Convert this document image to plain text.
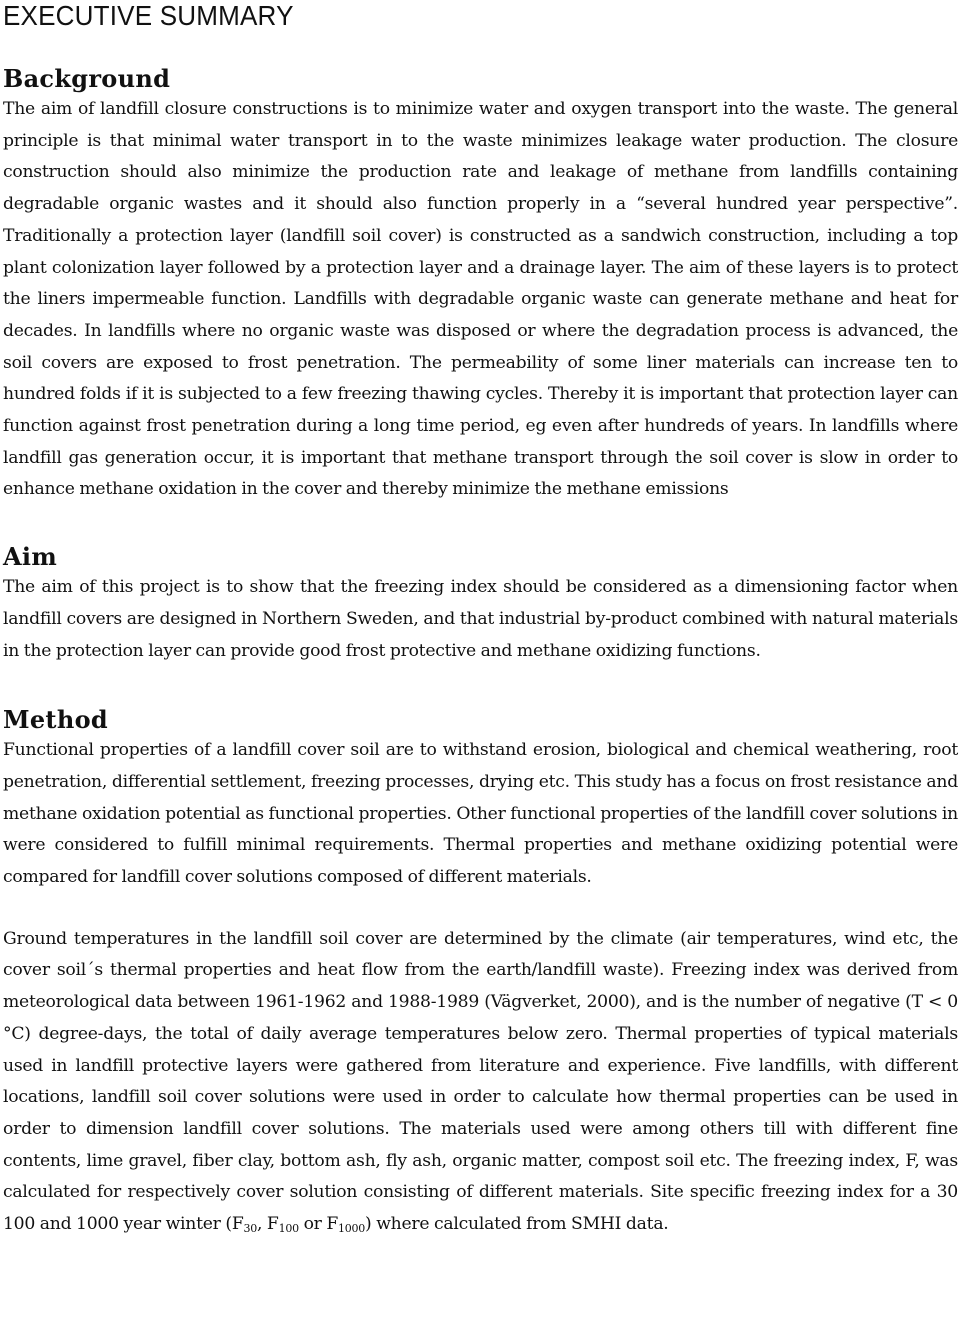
EXECUTIVE SUMMARY
Background

The aim of landfill closure constructions is to minimize water and oxygen transport into the waste. The general principle is that minimal water transport in to the waste minimizes leakage water production. The closure construction should also minimize the production rate and leakage of methane from landfills containing degradable organic wastes and it should also function properly in a “several hundred year perspective”. Traditionally a protection layer (landfill soil cover) is constructed as a sandwich construction, including a top plant colonization layer followed by a protection layer and a drainage layer. The aim of these layers is to protect the liners impermeable function. Landfills with degradable organic waste can generate methane and heat for decades. In landfills where no organic waste was disposed or where the degradation process is advanced, the soil covers are exposed to frost penetration. The permeability of some liner materials can increase ten to hundred folds if it is subjected to a few freezing thawing cycles. Thereby it is important that protection layer can function against frost penetration during a long time period, eg even after hundreds of years. In landfills where landfill gas generation occur, it is important that methane transport through the soil cover is slow in order to enhance methane oxidation in the cover and thereby minimize the methane emissions

Aim

The aim of this project is to show that the freezing index should be considered as a dimensioning factor when landfill covers are designed in Northern Sweden, and that industrial by-product combined with natural materials in the protection layer can provide good frost protective and methane oxidizing functions.

Method

Functional properties of a landfill cover soil are to withstand erosion, biological and chemical weathering, root penetration, differential settlement, freezing processes, drying etc. This study has a focus on frost resistance and methane oxidation potential as functional properties. Other functional properties of the landfill cover solutions in were considered to fulfill minimal requirements. Thermal properties and methane oxidizing potential were compared for landfill cover solutions composed of different materials.

Ground temperatures in the landfill soil cover are determined by the climate (air temperatures, wind etc, the cover soil´s thermal properties and heat flow from the earth/landfill waste). Freezing index was derived from meteorological data between 1961-1962 and 1988-1989 (Vägverket, 2000), and is the number of negative (T < 0 °C) degree-days, the total of daily average temperatures below zero. Thermal properties of typical materials used in landfill protective layers were gathered from literature and experience. Five landfills, with different locations, landfill soil cover solutions were used in order to calculate how thermal properties can be used in order to dimension landfill cover solutions. The materials used were among others till with different fine contents, lime gravel, fiber clay, bottom ash, fly ash, organic matter, compost soil etc. The freezing index, F, was calculated for respectively cover solution consisting of different materials. Site specific freezing index for a 30 100 and 1000 year winter ($F_{30}$, $F_{100}$ or $F_{1000}$) where calculated from SMHI data.
